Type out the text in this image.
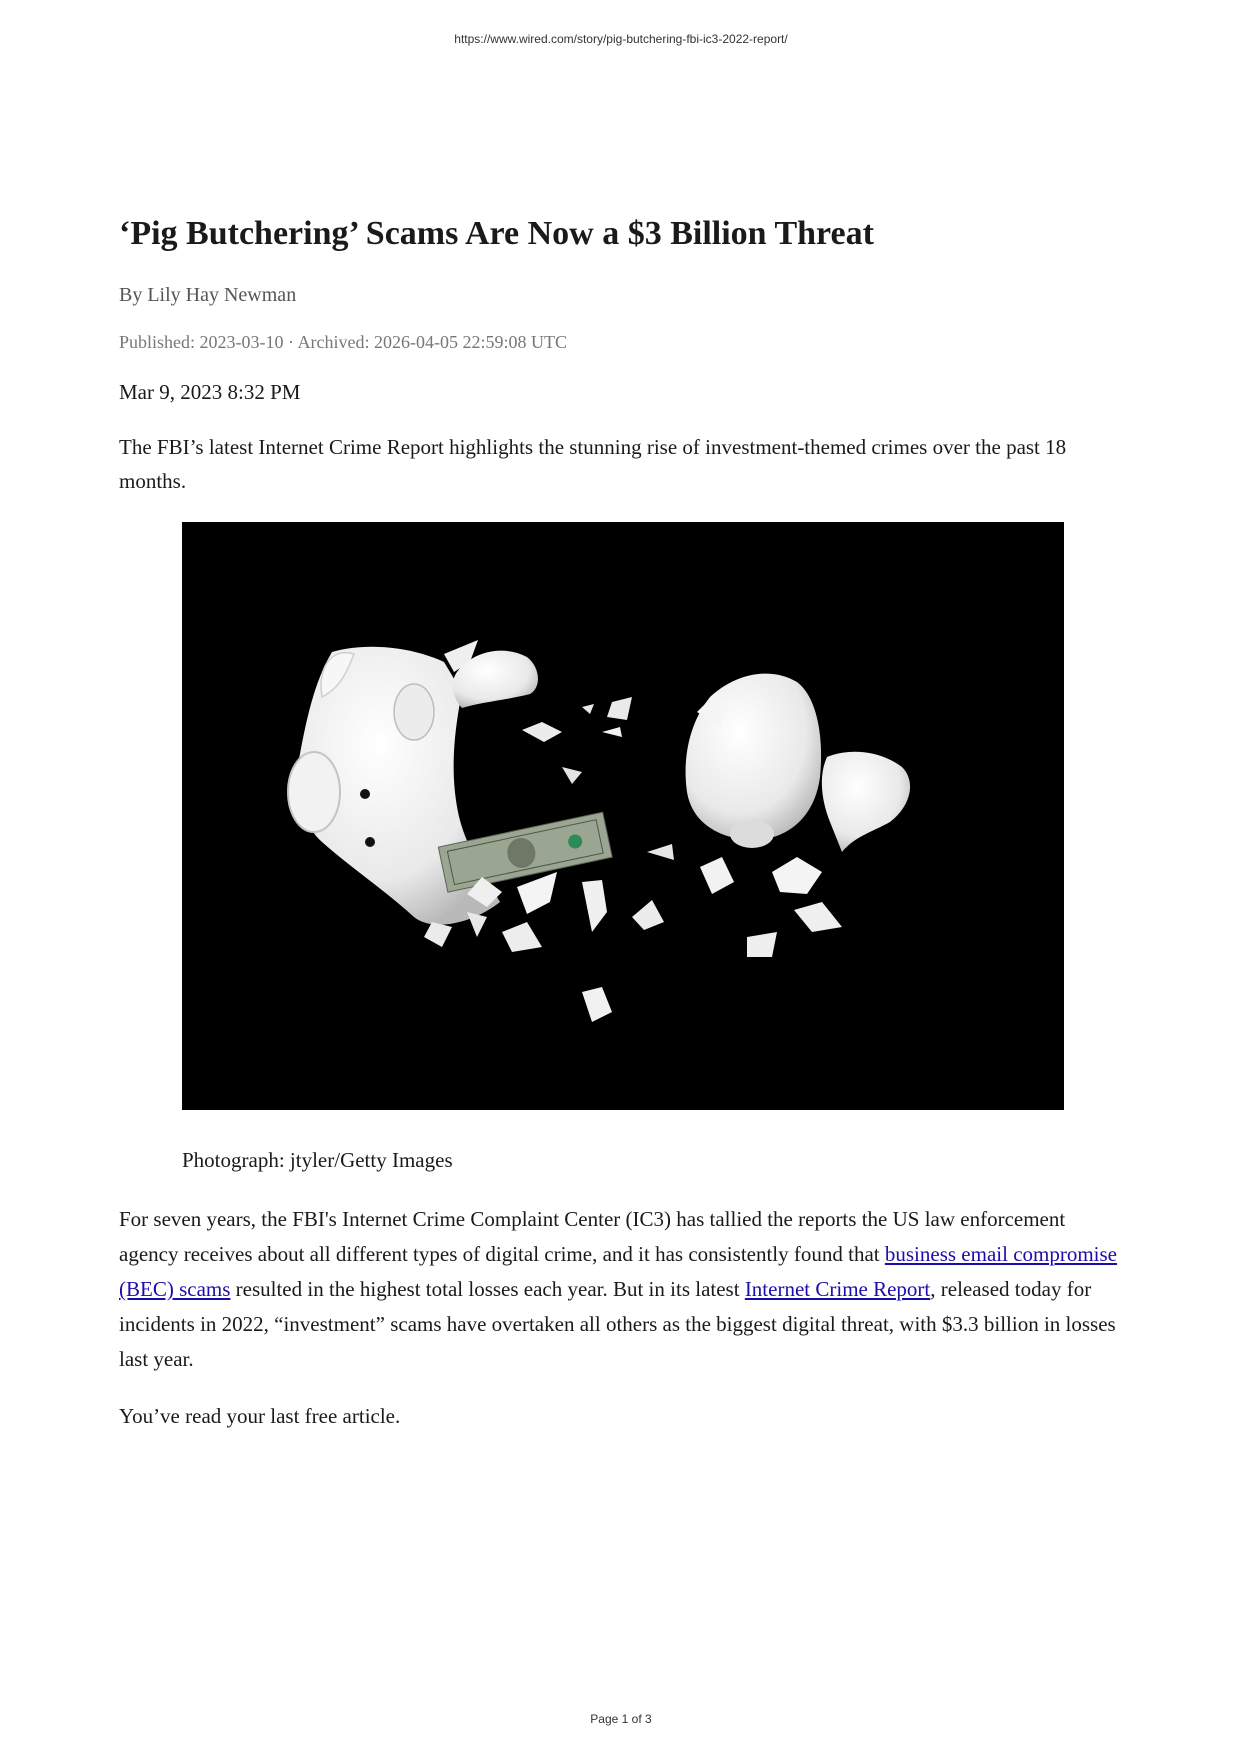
https://www.wired.com/story/pig-butchering-fbi-ic3-2022-report/
‘Pig Butchering’ Scams Are Now a $3 Billion Threat
By Lily Hay Newman
Published: 2023-03-10 · Archived: 2026-04-05 22:59:08 UTC
Mar 9, 2023 8:32 PM
The FBI’s latest Internet Crime Report highlights the stunning rise of investment-themed crimes over the past 18 months.
Photograph: jtyler/Getty Images
For seven years, the FBI's Internet Crime Complaint Center (IC3) has tallied the reports the US law enforcement agency receives about all different types of digital crime, and it has consistently found that business email compromise (BEC) scams resulted in the highest total losses each year. But in its latest Internet Crime Report, released today for incidents in 2022, “investment” scams have overtaken all others as the biggest digital threat, with $3.3 billion in losses last year.
You’ve read your last free article.
Page 1 of 3
